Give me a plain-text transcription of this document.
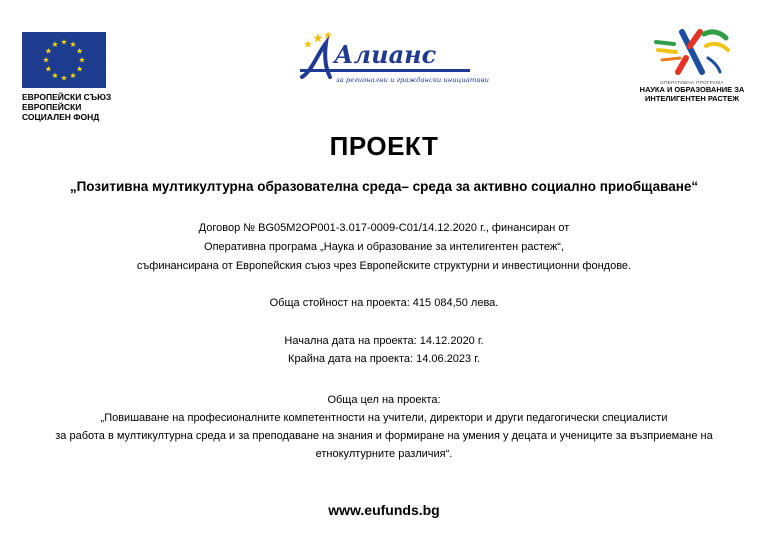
ЕВРОПЕЙСКИ СЪЮЗ
ЕВРОПЕЙСКИ
СОЦИАЛЕН ФОНД
Алианс
за регионални и граждански инициативи	ОПЕРАТИВНА ПРОГРАМА
НАУКА И ОБРАЗОВАНИЕ ЗА
ИНТЕЛИГЕНТЕН РАСТЕЖ
ПРОЕКТ
„Позитивна мултикултурна образователна среда– среда за активно социално приобщаване“
Договор № BG05M2OP001-3.017-0009-C01/14.12.2020 г., финансиран от
Оперативна програма „Наука и образование за интелигентен растеж“,
съфинансирана от Европейския съюз чрез Европейските структурни и инвестиционни фондове.
Обща стойност на проекта: 415 084,50 лева.
Начална дата на проекта: 14.12.2020 г.
Крайна дата на проекта: 14.06.2023 г.
Обща цел на проекта:
„Повишаване на професионалните компетентности на учители, директори и други педагогически специалисти
за работа в мултикултурна среда и за преподаване на знания и формиране на умения у децата и учениците за възприемане на
етнокултурните различия“.
www.eufunds.bg
